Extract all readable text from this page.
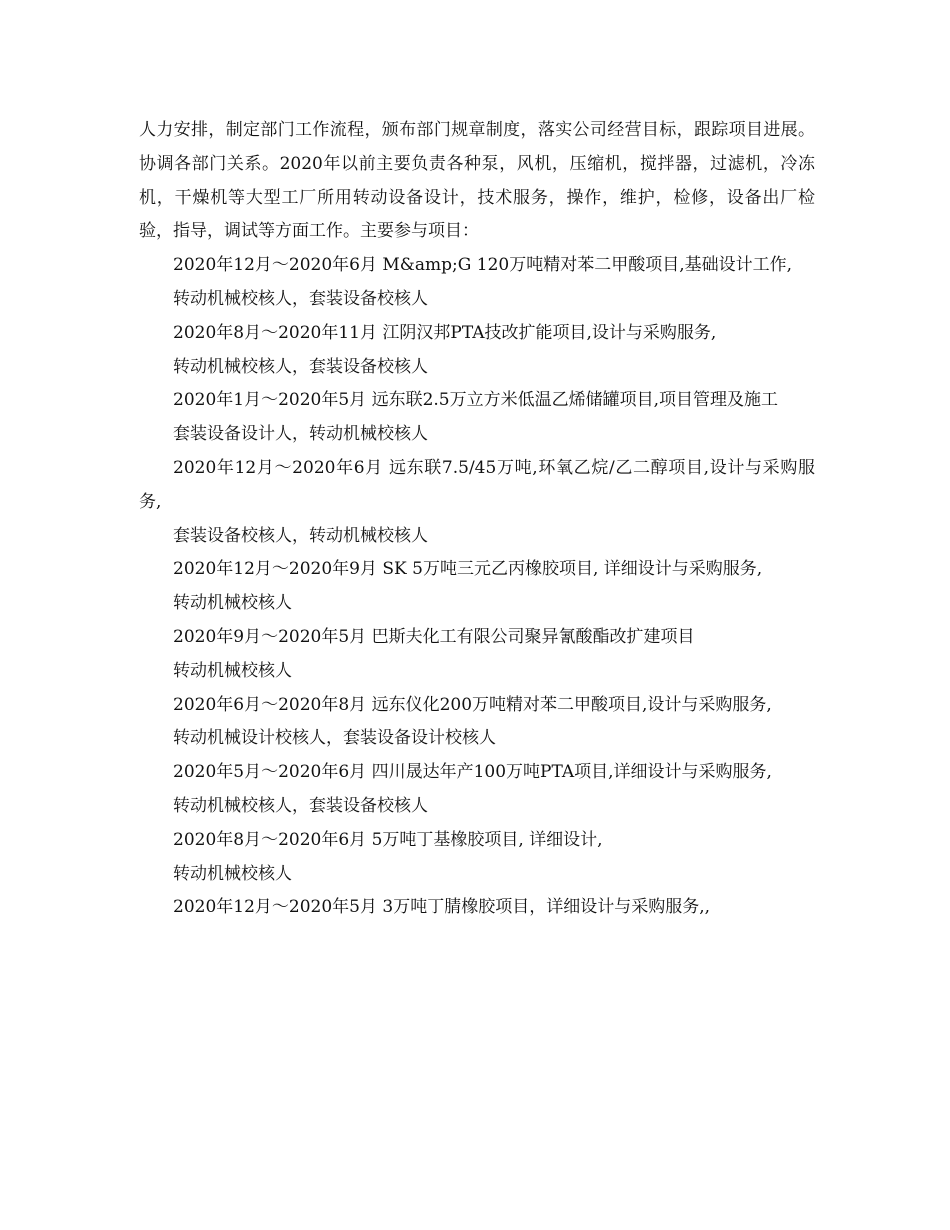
人力安排，制定部门工作流程，颁布部门规章制度，落实公司经营目标，跟踪项目进展。协调各部门关系。2020年以前主要负责各种泵，风机，压缩机，搅拌器，过滤机，冷冻机，干燥机等大型工厂所用转动设备设计，技术服务，操作，维护，检修，设备出厂检验，指导，调试等方面工作。主要参与项目：

2020年12月～2020年6月 M&amp;G 120万吨精对苯二甲酸项目,基础设计工作,

转动机械校核人，套装设备校核人

2020年8月～2020年11月 江阴汉邦PTA技改扩能项目,设计与采购服务,

转动机械校核人，套装设备校核人

2020年1月～2020年5月 远东联2.5万立方米低温乙烯储罐项目,项目管理及施工

套装设备设计人，转动机械校核人

2020年12月～2020年6月 远东联7.5/45万吨,环氧乙烷/乙二醇项目,设计与采购服务,

套装设备校核人，转动机械校核人

2020年12月～2020年9月 SK 5万吨三元乙丙橡胶项目, 详细设计与采购服务,

转动机械校核人

2020年9月～2020年5月 巴斯夫化工有限公司聚异氰酸酯改扩建项目

转动机械校核人

2020年6月～2020年8月 远东仪化200万吨精对苯二甲酸项目,设计与采购服务,

转动机械设计校核人，套装设备设计校核人

2020年5月～2020年6月 四川晟达年产100万吨PTA项目,详细设计与采购服务,

转动机械校核人，套装设备校核人

2020年8月～2020年6月 5万吨丁基橡胶项目, 详细设计,

转动机械校核人

2020年12月～2020年5月 3万吨丁腈橡胶项目，详细设计与采购服务,,
